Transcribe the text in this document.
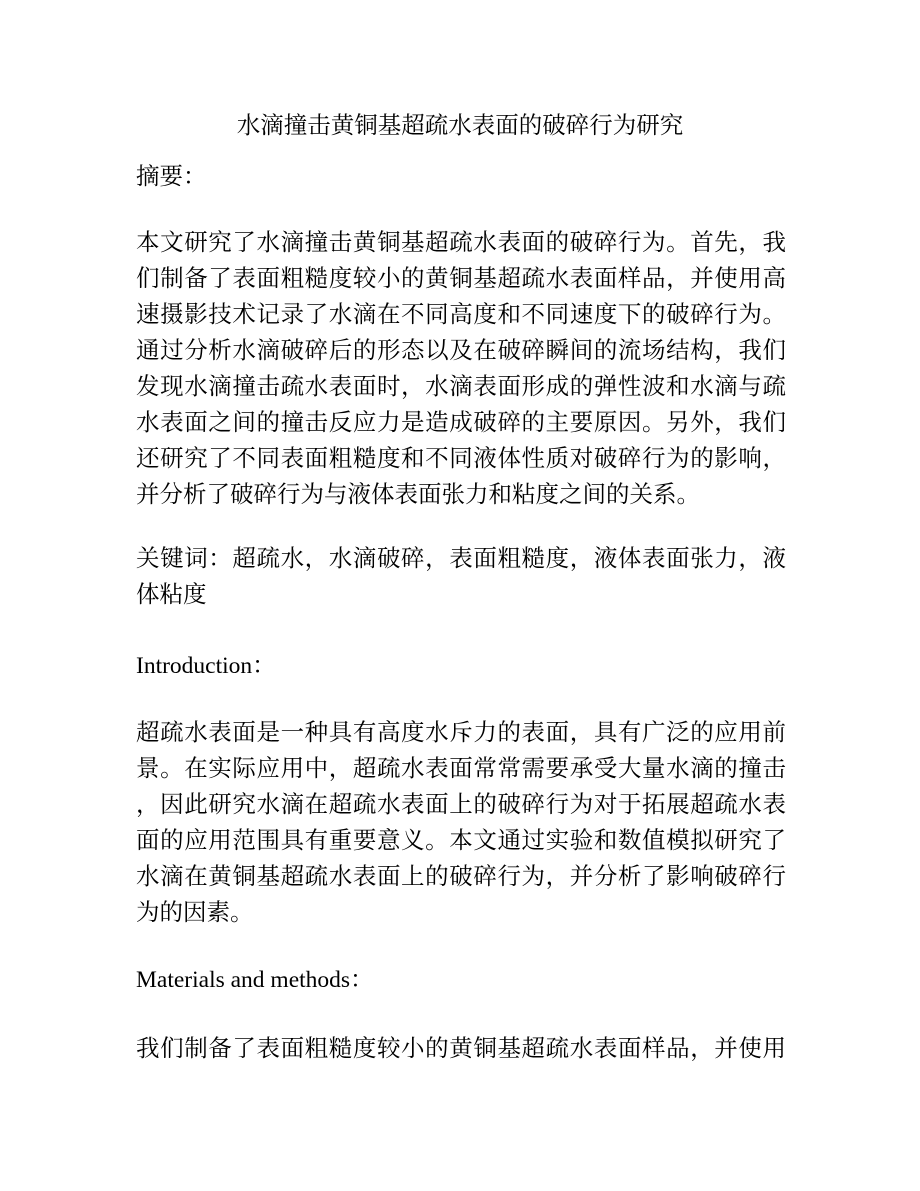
水滴撞击黄铜基超疏水表面的破碎行为研究
摘要：
本文研究了水滴撞击黄铜基超疏水表面的破碎行为。首先，我
们制备了表面粗糙度较小的黄铜基超疏水表面样品，并使用高
速摄影技术记录了水滴在不同高度和不同速度下的破碎行为。
通过分析水滴破碎后的形态以及在破碎瞬间的流场结构，我们
发现水滴撞击疏水表面时，水滴表面形成的弹性波和水滴与疏
水表面之间的撞击反应力是造成破碎的主要原因。另外，我们
还研究了不同表面粗糙度和不同液体性质对破碎行为的影响，
并分析了破碎行为与液体表面张力和粘度之间的关系。
关键词：超疏水，水滴破碎，表面粗糙度，液体表面张力，液
体粘度
Introduction：
超疏水表面是一种具有高度水斥力的表面，具有广泛的应用前
景。在实际应用中，超疏水表面常常需要承受大量水滴的撞击
，因此研究水滴在超疏水表面上的破碎行为对于拓展超疏水表
面的应用范围具有重要意义。本文通过实验和数值模拟研究了
水滴在黄铜基超疏水表面上的破碎行为，并分析了影响破碎行
为的因素。
Materials and methods：
我们制备了表面粗糙度较小的黄铜基超疏水表面样品，并使用
